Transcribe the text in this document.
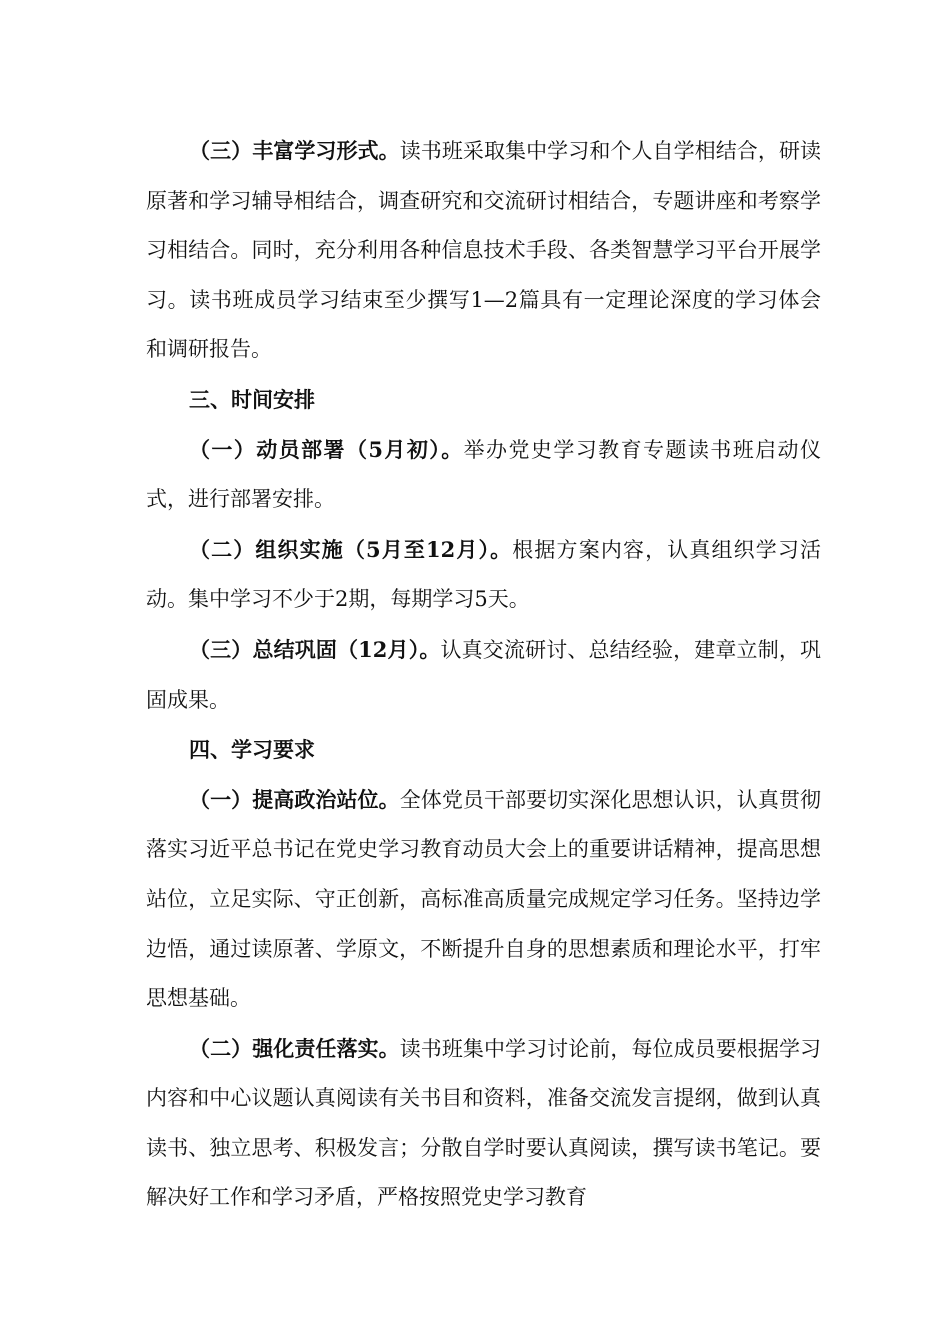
（三）丰富学习形式。读书班采取集中学习和个人自学相结合，研读原著和学习辅导相结合，调查研究和交流研讨相结合，专题讲座和考察学习相结合。同时，充分利用各种信息技术手段、各类智慧学习平台开展学习。读书班成员学习结束至少撰写1—2篇具有一定理论深度的学习体会和调研报告。

三、时间安排

（一）动员部署（5月初）。举办党史学习教育专题读书班启动仪式，进行部署安排。

（二）组织实施（5月至12月）。根据方案内容，认真组织学习活动。集中学习不少于2期，每期学习5天。

（三）总结巩固（12月）。认真交流研讨、总结经验，建章立制，巩固成果。

四、学习要求

（一）提高政治站位。全体党员干部要切实深化思想认识，认真贯彻落实习近平总书记在党史学习教育动员大会上的重要讲话精神，提高思想站位，立足实际、守正创新，高标准高质量完成规定学习任务。坚持边学边悟，通过读原著、学原文，不断提升自身的思想素质和理论水平，打牢思想基础。

（二）强化责任落实。读书班集中学习讨论前，每位成员要根据学习内容和中心议题认真阅读有关书目和资料，准备交流发言提纲，做到认真读书、独立思考、积极发言；分散自学时要认真阅读，撰写读书笔记。要解决好工作和学习矛盾，严格按照党史学习教育
